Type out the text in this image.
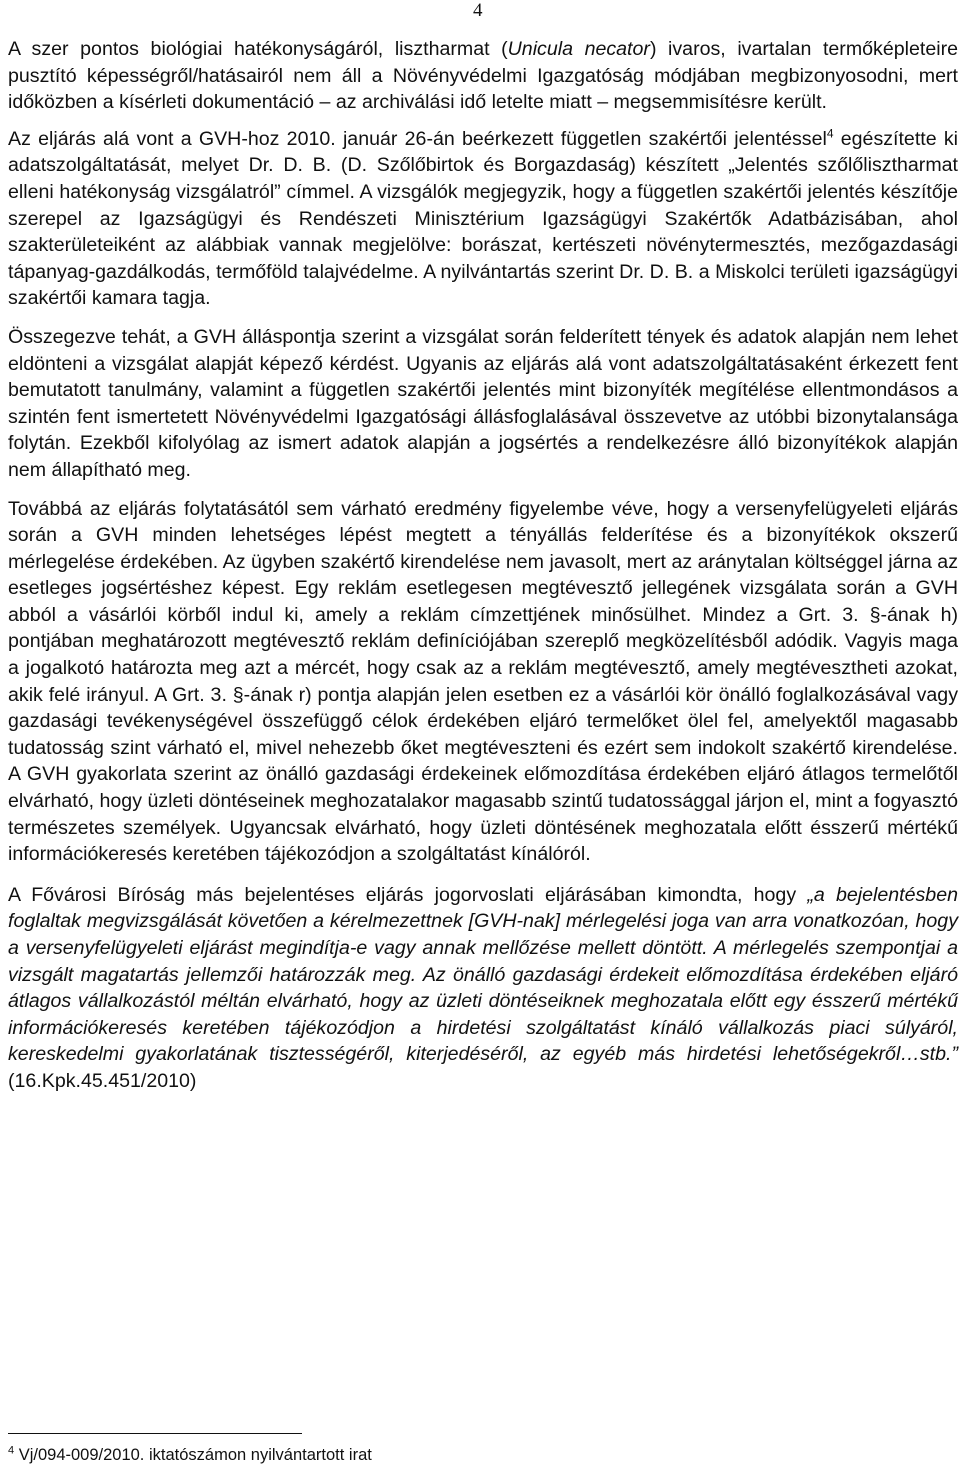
4

A szer pontos biológiai hatékonyságáról, lisztharmat (Unicula necator) ivaros, ivartalan termőképleteire pusztító képességről/hatásairól nem áll a Növényvédelmi Igazgatóság módjában megbizonyosodni, mert időközben a kísérleti dokumentáció – az archiválási idő letelte miatt – megsemmisítésre került.

Az eljárás alá vont a GVH-hoz 2010. január 26-án beérkezett független szakértői jelentéssel$^4$ egészítette ki adatszolgáltatását, melyet Dr. D. B. (D. Szőlőbirtok és Borgazdaság) készített „Jelentés szőlőlisztharmat elleni hatékonyság vizsgálatról” címmel. A vizsgálók megjegyzik, hogy a független szakértői jelentés készítője szerepel az Igazságügyi és Rendészeti Minisztérium Igazságügyi Szakértők Adatbázisában, ahol szakterületeiként az alábbiak vannak megjelölve: borászat, kertészeti növénytermesztés, mezőgazdasági tápanyag-gazdálkodás, termőföld talajvédelme. A nyilvántartás szerint Dr. D. B. a Miskolci területi igazságügyi szakértői kamara tagja.

Összegezve tehát, a GVH álláspontja szerint a vizsgálat során felderített tények és adatok alapján nem lehet eldönteni a vizsgálat alapját képező kérdést. Ugyanis az eljárás alá vont adatszolgáltatásaként érkezett fent bemutatott tanulmány, valamint a független szakértői jelentés mint bizonyíték megítélése ellentmondásos a szintén fent ismertetett Növényvédelmi Igazgatósági állásfoglalásával összevetve az utóbbi bizonytalansága folytán. Ezekből kifolyólag az ismert adatok alapján a jogsértés a rendelkezésre álló bizonyítékok alapján nem állapítható meg.

Továbbá az eljárás folytatásától sem várható eredmény figyelembe véve, hogy a versenyfelügyeleti eljárás során a GVH minden lehetséges lépést megtett a tényállás felderítése és a bizonyítékok okszerű mérlegelése érdekében. Az ügyben szakértő kirendelése nem javasolt, mert az aránytalan költséggel járna az esetleges jogsértéshez képest. Egy reklám esetlegesen megtévesztő jellegének vizsgálata során a GVH abból a vásárlói körből indul ki, amely a reklám címzettjének minősülhet. Mindez a Grt. 3. §-ának h) pontjában meghatározott megtévesztő reklám definíciójában szereplő megközelítésből adódik. Vagyis maga a jogalkotó határozta meg azt a mércét, hogy csak az a reklám megtévesztő, amely megtévesztheti azokat, akik felé irányul. A Grt. 3. §-ának r) pontja alapján jelen esetben ez a vásárlói kör önálló foglalkozásával vagy gazdasági tevékenységével összefüggő célok érdekében eljáró termelőket ölel fel, amelyektől magasabb tudatosság szint várható el, mivel nehezebb őket megtéveszteni és ezért sem indokolt szakértő kirendelése. A GVH gyakorlata szerint az önálló gazdasági érdekeinek előmozdítása érdekében eljáró átlagos termelőtől elvárható, hogy üzleti döntéseinek meghozatalakor magasabb szintű tudatossággal járjon el, mint a fogyasztó természetes személyek. Ugyancsak elvárható, hogy üzleti döntésének meghozatala előtt ésszerű mértékű információkeresés keretében tájékozódjon a szolgáltatást kínálóról.

A Fővárosi Bíróság más bejelentéses eljárás jogorvoslati eljárásában kimondta, hogy „a bejelentésben foglaltak megvizsgálását követően a kérelmezettnek [GVH-nak] mérlegelési joga van arra vonatkozóan, hogy a versenyfelügyeleti eljárást megindítja-e vagy annak mellőzése mellett döntött. A mérlegelés szempontjai a vizsgált magatartás jellemzői határozzák meg. Az önálló gazdasági érdekeit előmozdítása érdekében eljáró átlagos vállalkozástól méltán elvárható, hogy az üzleti döntéseiknek meghozatala előtt egy ésszerű mértékű információkeresés keretében tájékozódjon a hirdetési szolgáltatást kínáló vállalkozás piaci súlyáról, kereskedelmi gyakorlatának tisztességéről, kiterjedéséről, az egyéb más hirdetési lehetőségekről…stb.” (16.Kpk.45.451/2010)

$^4$ Vj/094-009/2010. iktatószámon nyilvántartott irat
